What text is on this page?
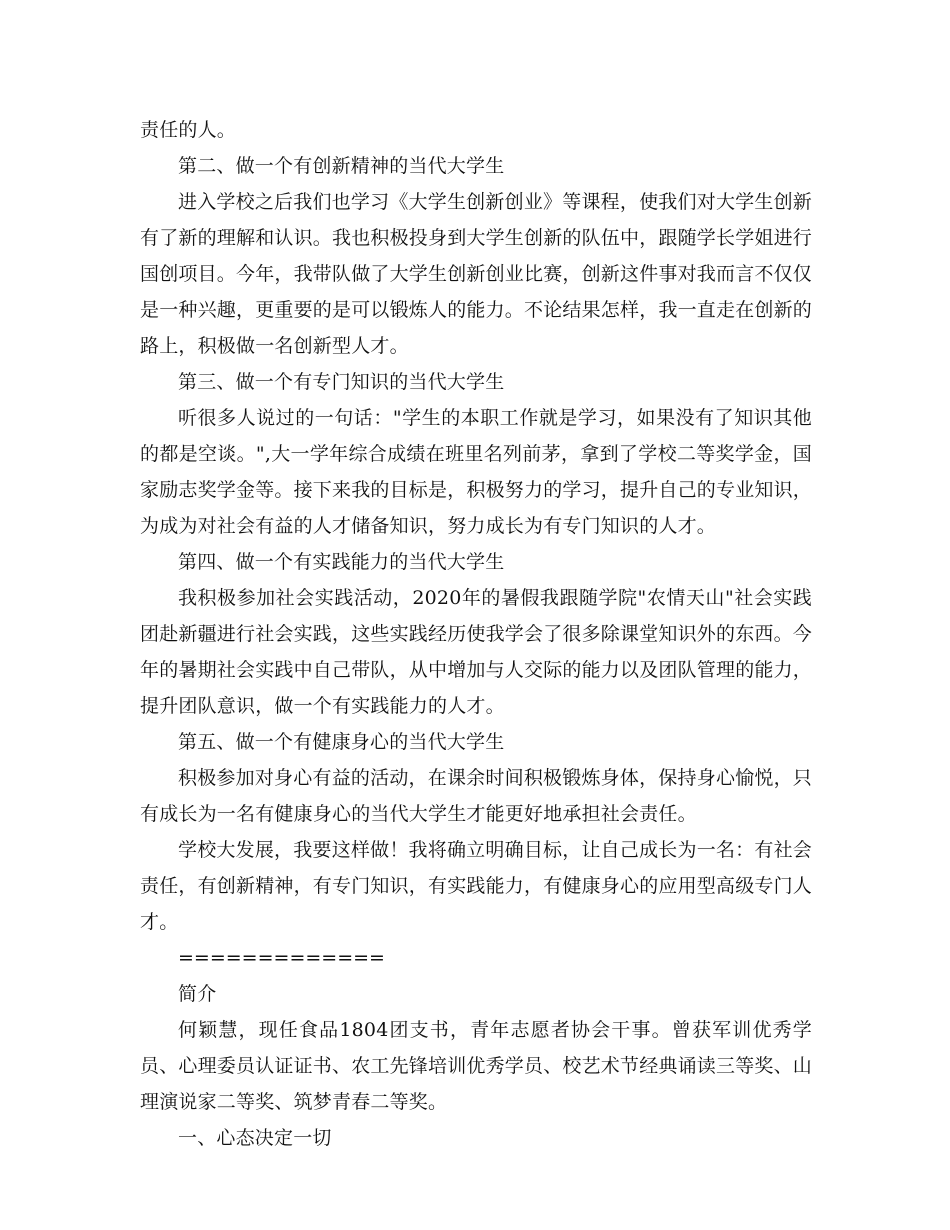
责任的人。

第二、做一个有创新精神的当代大学生

进入学校之后我们也学习《大学生创新创业》等课程，使我们对大学生创新有了新的理解和认识。我也积极投身到大学生创新的队伍中，跟随学长学姐进行国创项目。今年，我带队做了大学生创新创业比赛，创新这件事对我而言不仅仅是一种兴趣，更重要的是可以锻炼人的能力。不论结果怎样，我一直走在创新的路上，积极做一名创新型人才。

第三、做一个有专门知识的当代大学生

听很多人说过的一句话："学生的本职工作就是学习，如果没有了知识其他的都是空谈。",大一学年综合成绩在班里名列前茅，拿到了学校二等奖学金，国家励志奖学金等。接下来我的目标是，积极努力的学习，提升自己的专业知识，为成为对社会有益的人才储备知识，努力成长为有专门知识的人才。

第四、做一个有实践能力的当代大学生

我积极参加社会实践活动，2020年的暑假我跟随学院"农情天山"社会实践团赴新疆进行社会实践，这些实践经历使我学会了很多除课堂知识外的东西。今年的暑期社会实践中自己带队，从中增加与人交际的能力以及团队管理的能力，提升团队意识，做一个有实践能力的人才。

第五、做一个有健康身心的当代大学生

积极参加对身心有益的活动，在课余时间积极锻炼身体，保持身心愉悦，只有成长为一名有健康身心的当代大学生才能更好地承担社会责任。

学校大发展，我要这样做！我将确立明确目标，让自己成长为一名：有社会责任，有创新精神，有专门知识，有实践能力，有健康身心的应用型高级专门人才。

=============

简介

何颖慧，现任食品1804团支书，青年志愿者协会干事。曾获军训优秀学员、心理委员认证证书、农工先锋培训优秀学员、校艺术节经典诵读三等奖、山理演说家二等奖、筑梦青春二等奖。

一、心态决定一切
